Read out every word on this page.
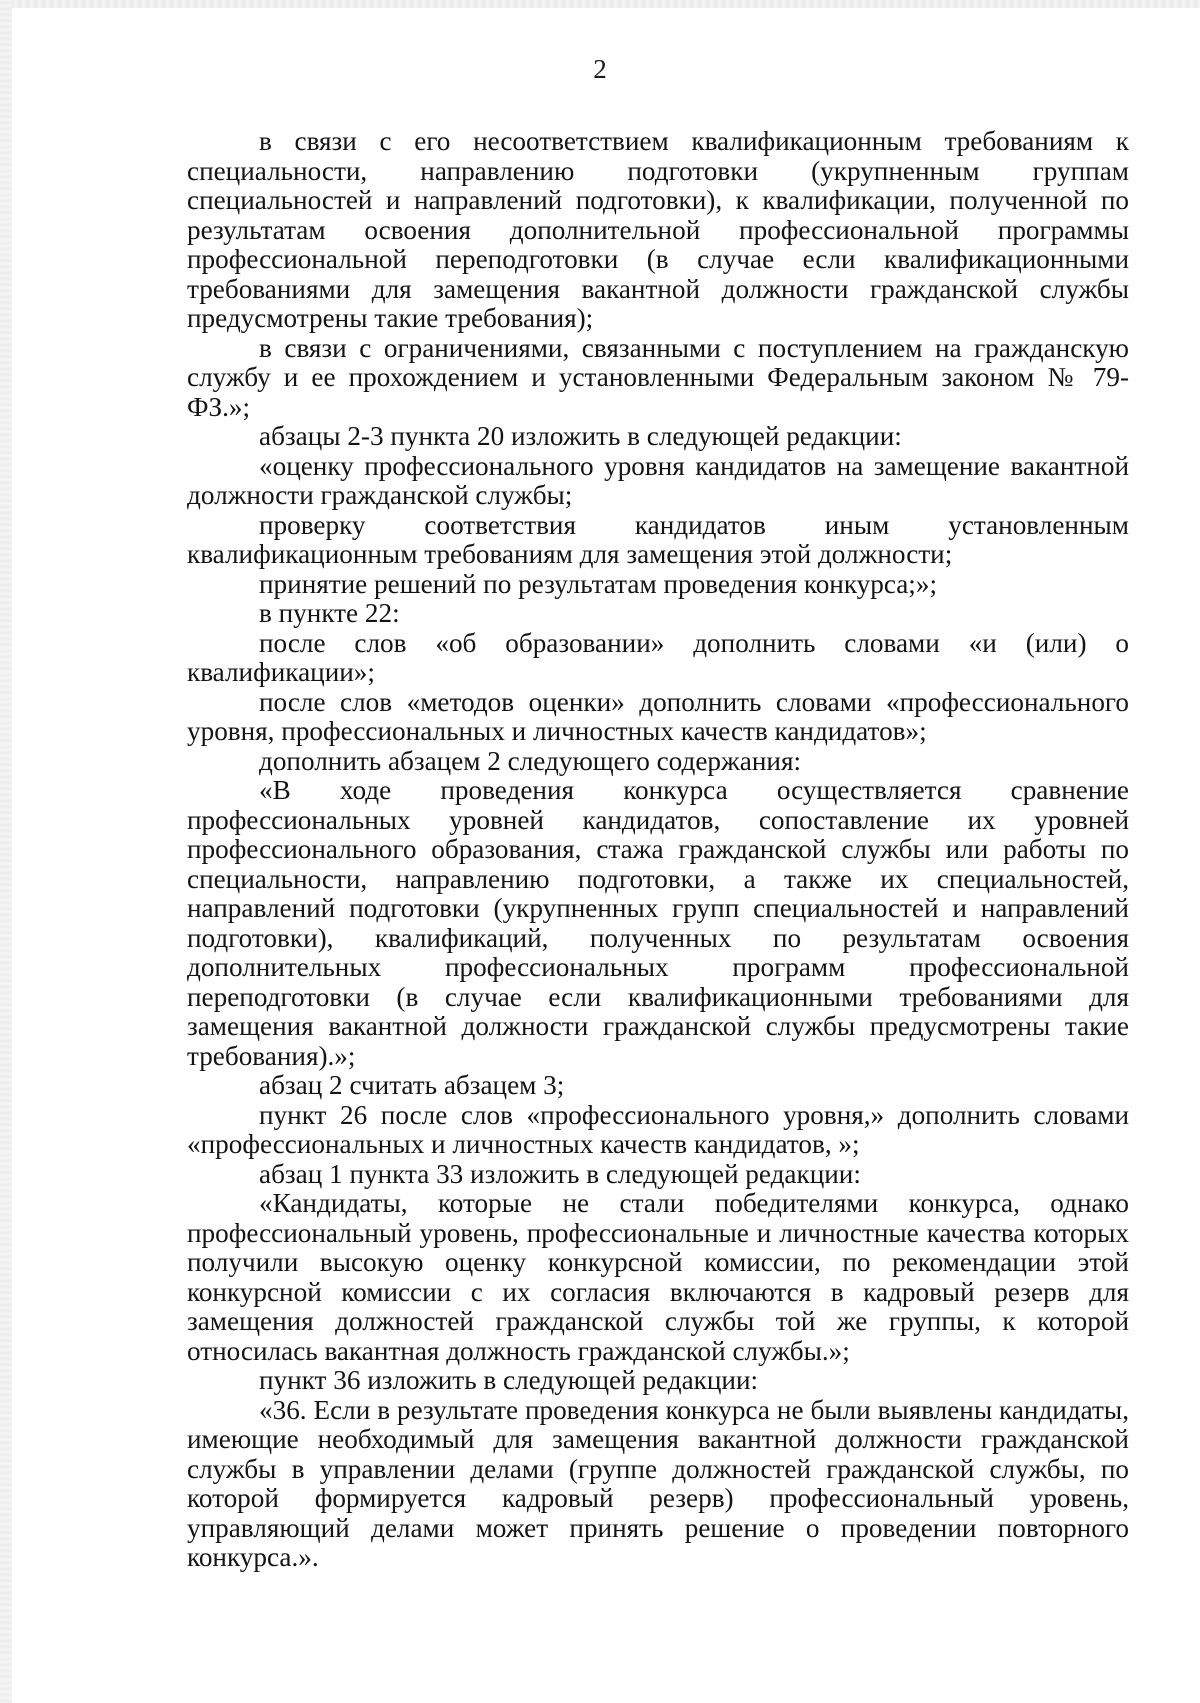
2

в связи с его несоответствием квалификационным требованиям к специальности, направлению подготовки (укрупненным группам специальностей и направлений подготовки), к квалификации, полученной по результатам освоения дополнительной профессиональной программы профессиональной переподготовки (в случае если квалификационными требованиями для замещения вакантной должности гражданской службы предусмотрены такие требования);

в связи с ограничениями, связанными с поступлением на гражданскую службу и ее прохождением и установленными Федеральным законом № 79-ФЗ.»;

абзацы 2-3 пункта 20 изложить в следующей редакции:

«оценку профессионального уровня кандидатов на замещение вакантной должности гражданской службы;

проверку соответствия кандидатов иным установленным квалификационным требованиям для замещения этой должности;

принятие решений по результатам проведения конкурса;»;

в пункте 22:

после слов «об образовании» дополнить словами «и (или) о квалификации»;

после слов «методов оценки» дополнить словами «профессионального уровня, профессиональных и личностных качеств кандидатов»;

дополнить абзацем 2 следующего содержания:

«В ходе проведения конкурса осуществляется сравнение профессиональных уровней кандидатов, сопоставление их уровней профессионального образования, стажа гражданской службы или работы по специальности, направлению подготовки, а также их специальностей, направлений подготовки (укрупненных групп специальностей и направлений подготовки), квалификаций, полученных по результатам освоения дополнительных профессиональных программ профессиональной переподготовки (в случае если квалификационными требованиями для замещения вакантной должности гражданской службы предусмотрены такие требования).»;

абзац 2 считать абзацем 3;

пункт 26 после слов «профессионального уровня,» дополнить словами «профессиональных и личностных качеств кандидатов, »;

абзац 1 пункта 33 изложить в следующей редакции:

«Кандидаты, которые не стали победителями конкурса, однако профессиональный уровень, профессиональные и личностные качества которых получили высокую оценку конкурсной комиссии, по рекомендации этой конкурсной комиссии с их согласия включаются в кадровый резерв для замещения должностей гражданской службы той же группы, к которой относилась вакантная должность гражданской службы.»;

пункт 36 изложить в следующей редакции:

«36. Если в результате проведения конкурса не были выявлены кандидаты, имеющие необходимый для замещения вакантной должности гражданской службы в управлении делами (группе должностей гражданской службы, по которой формируется кадровый резерв) профессиональный уровень, управляющий делами может принять решение о проведении повторного конкурса.».
